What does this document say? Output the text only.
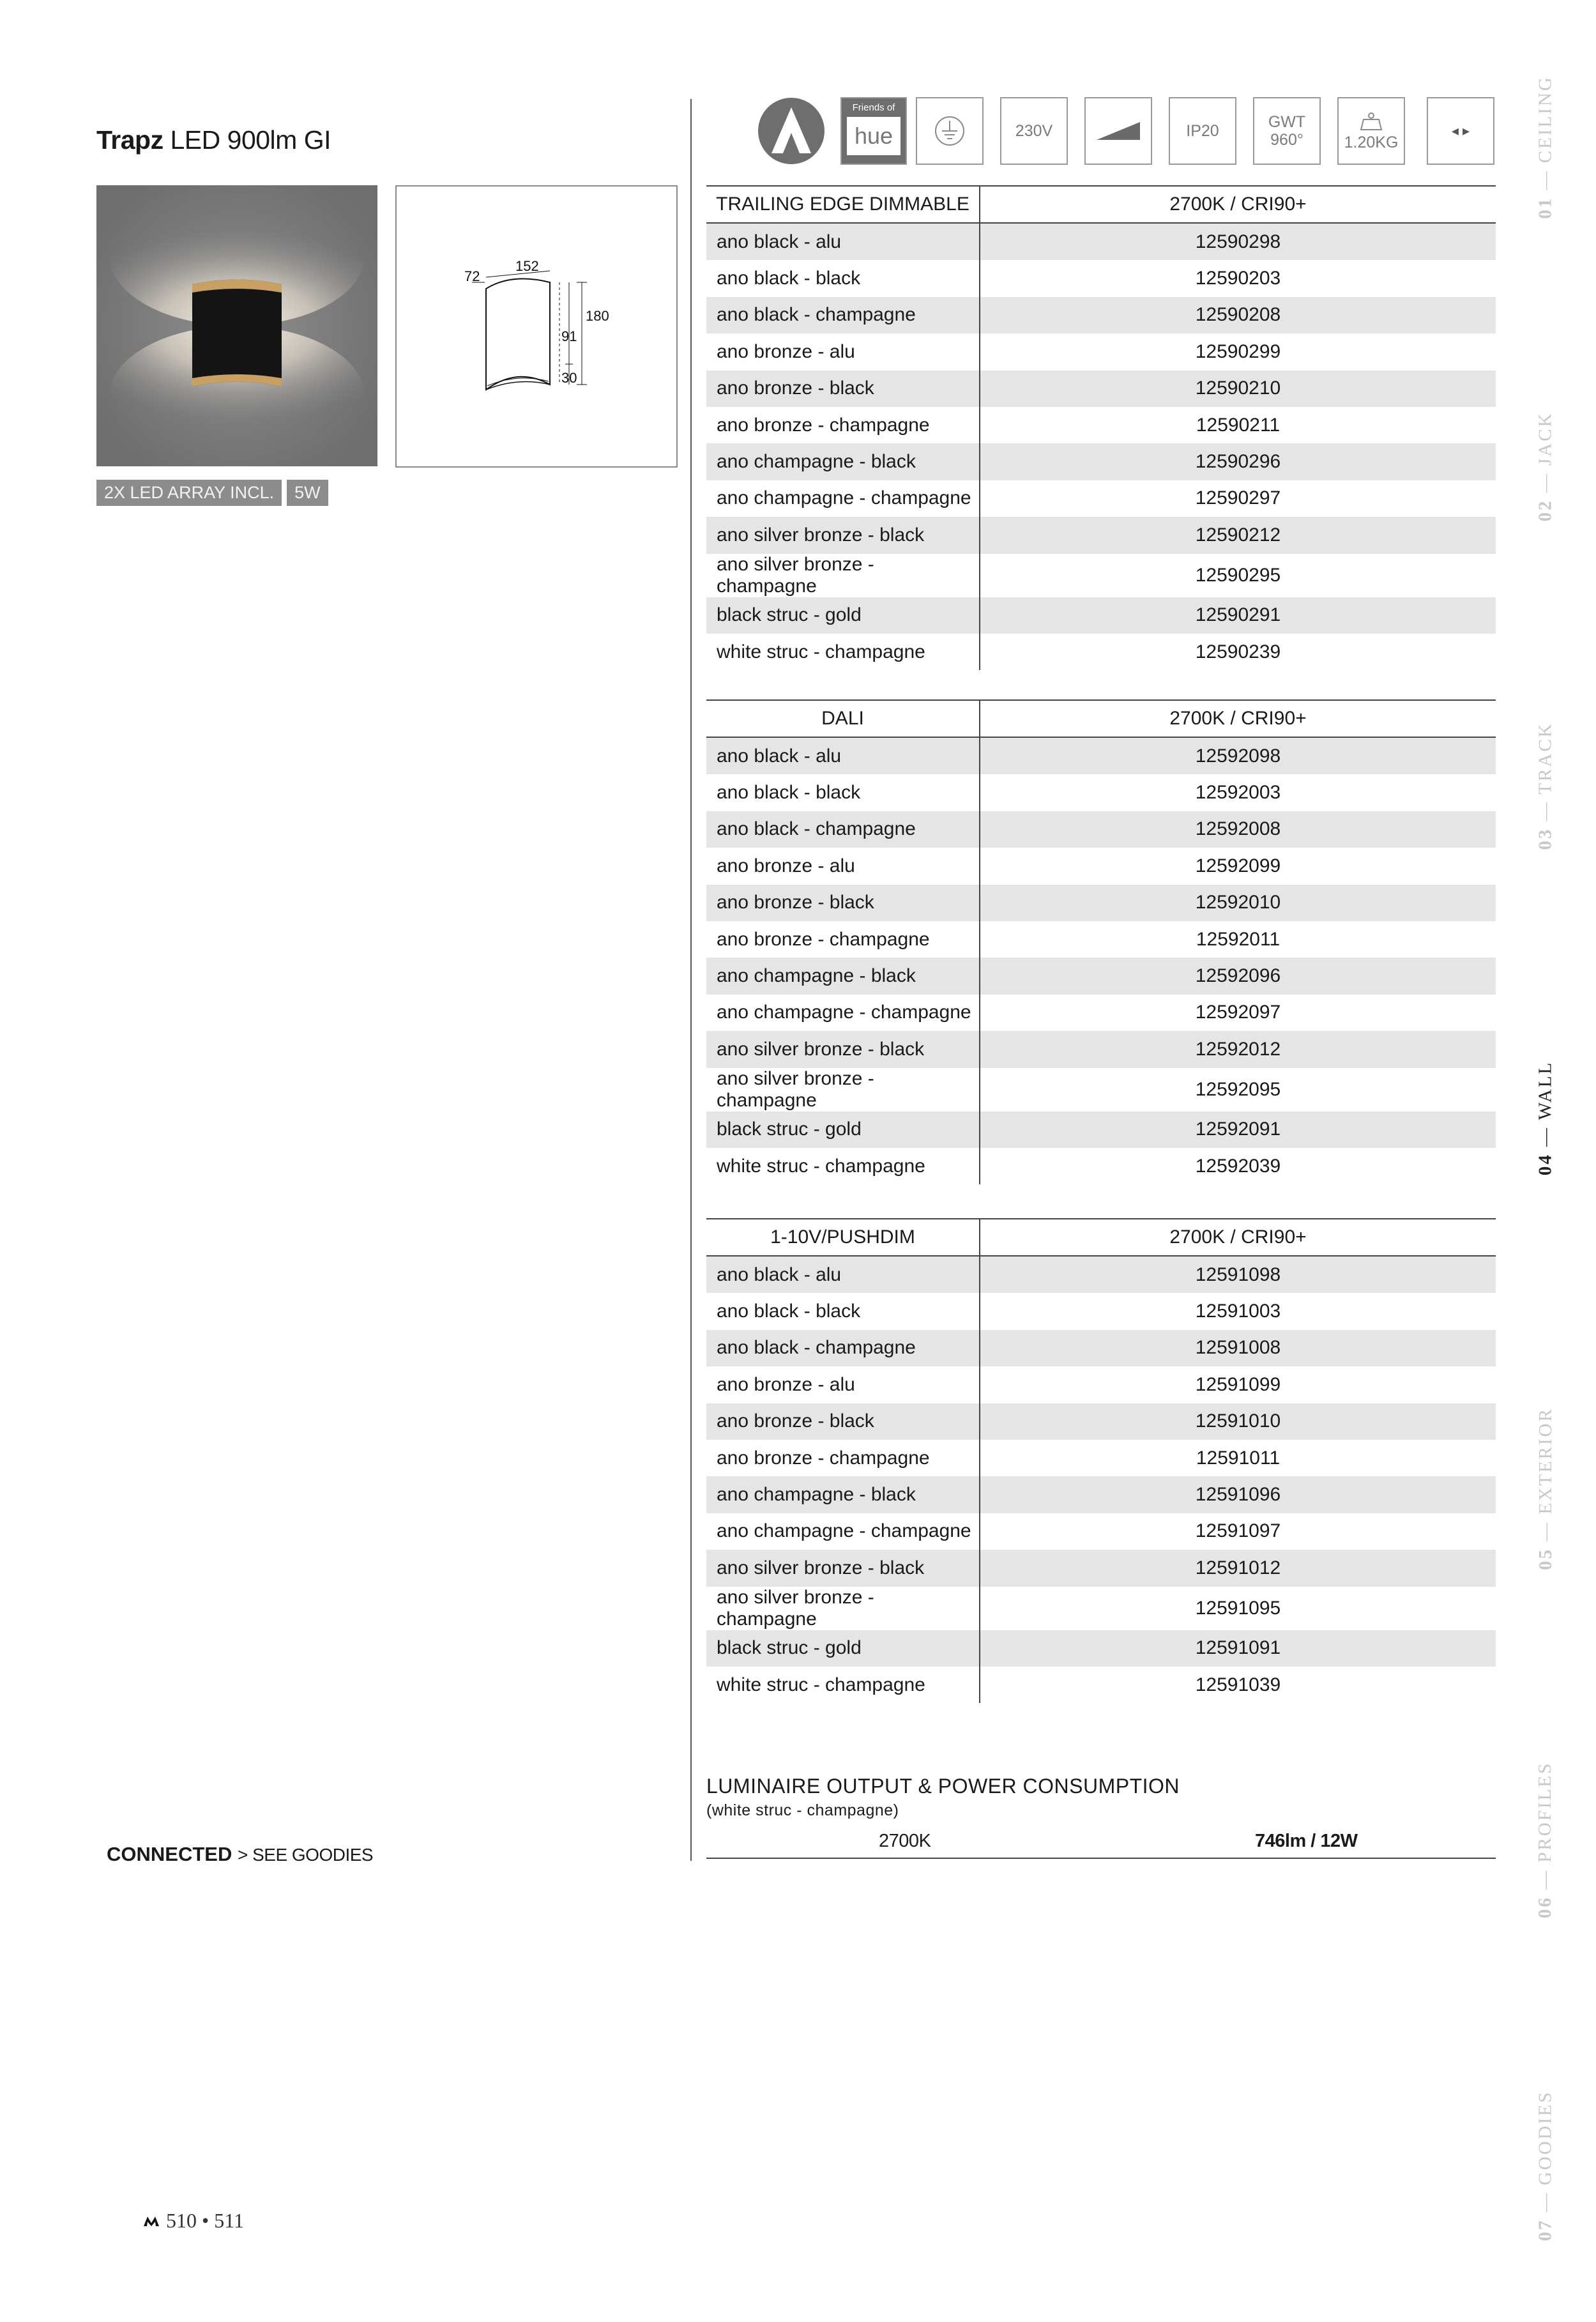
Trapz LED 900lm GI
152
72
180
91
30
2X LED ARRAY INCL.	5W
CONNECTED > SEE GOODIES
510 • 511
Friends of
hue	230V	IP20	GWT
960°	1.20KG
◂ ▸
TRAILING EDGE DIMMABLE	2700K / CRI90+
ano black - alu	12590298
ano black - black	12590203
ano black - champagne	12590208
ano bronze - alu	12590299
ano bronze - black	12590210
ano bronze - champagne	12590211
ano champagne - black	12590296
ano champagne - champagne	12590297
ano silver bronze - black	12590212
ano silver bronze - champagne	12590295
black struc - gold	12590291
white struc - champagne	12590239
DALI	2700K / CRI90+
ano black - alu	12592098
ano black - black	12592003
ano black - champagne	12592008
ano bronze - alu	12592099
ano bronze - black	12592010
ano bronze - champagne	12592011
ano champagne - black	12592096
ano champagne - champagne	12592097
ano silver bronze - black	12592012
ano silver bronze - champagne	12592095
black struc - gold	12592091
white struc - champagne	12592039
1-10V/PUSHDIM	2700K / CRI90+
ano black - alu	12591098
ano black - black	12591003
ano black - champagne	12591008
ano bronze - alu	12591099
ano bronze - black	12591010
ano bronze - champagne	12591011
ano champagne - black	12591096
ano champagne - champagne	12591097
ano silver bronze - black	12591012
ano silver bronze - champagne	12591095
black struc - gold	12591091
white struc - champagne	12591039
LUMINAIRE OUTPUT & POWER CONSUMPTION
(white struc - champagne)
2700K	746lm / 12W
01 — CEILING
02 — JACK
03 — TRACK
04 — WALL
05 — EXTERIOR
06 — PROFILES
07 — GOODIES
